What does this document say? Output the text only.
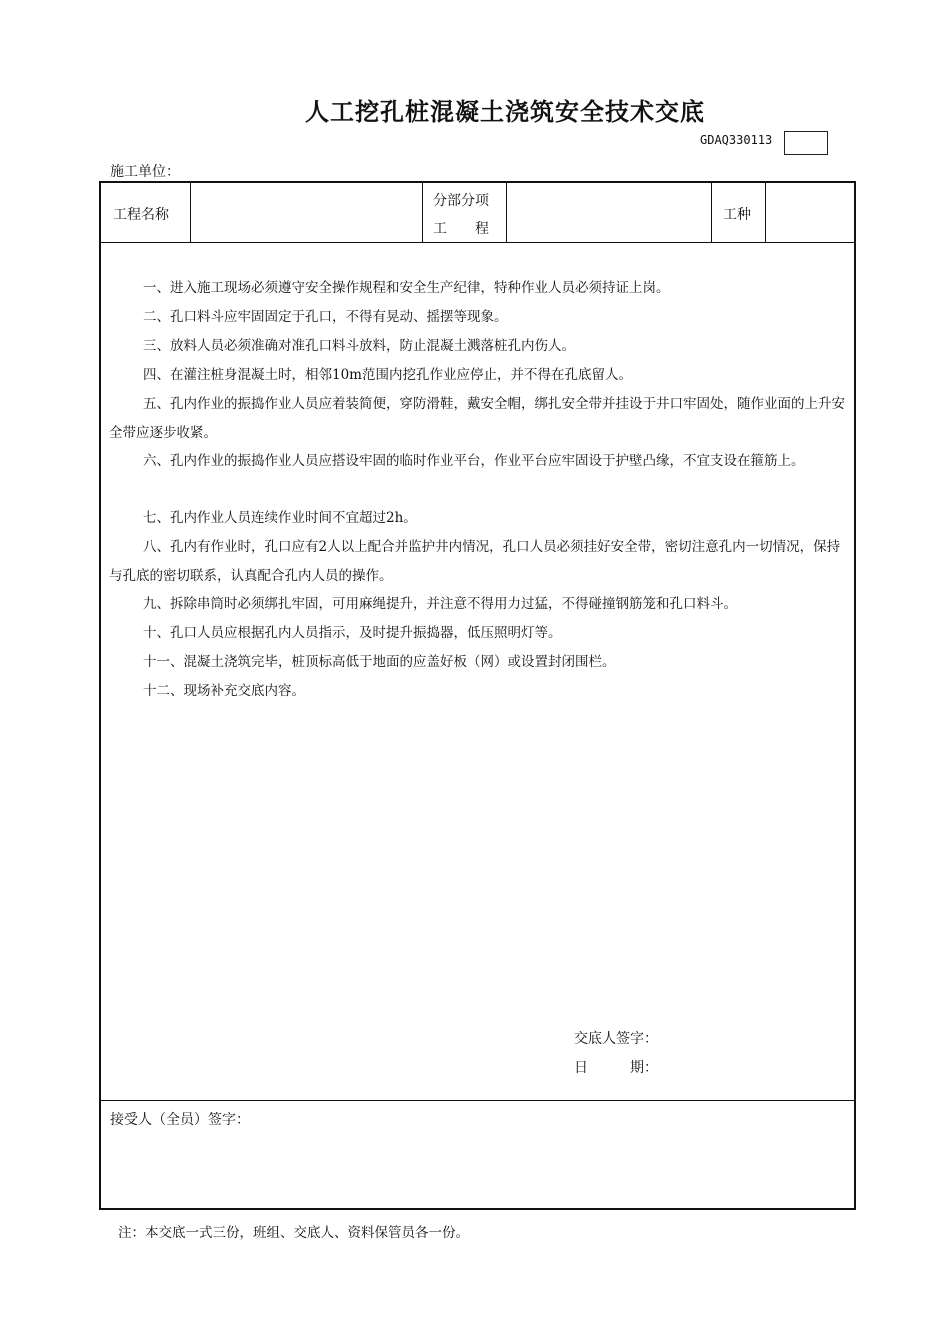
人工挖孔桩混凝土浇筑安全技术交底
GDAQ330113
施工单位：
工程名称
分部分项
工　　程
工种
一、进入施工现场必须遵守安全操作规程和安全生产纪律，特种作业人员必须持证上岗。
二、孔口料斗应牢固固定于孔口，不得有晃动、摇摆等现象。
三、放料人员必须准确对准孔口料斗放料，防止混凝土溅落桩孔内伤人。
四、在灌注桩身混凝土时，相邻10m范围内挖孔作业应停止，并不得在孔底留人。
五、孔内作业的振捣作业人员应着装简便，穿防滑鞋，戴安全帽，绑扎安全带并挂设于井口牢固处，随作业面的上升安全带应逐步收紧。
六、孔内作业的振捣作业人员应搭设牢固的临时作业平台，作业平台应牢固设于护壁凸缘，不宜支设在箍筋上。
七、孔内作业人员连续作业时间不宜超过2h。
八、孔内有作业时，孔口应有2人以上配合并监护井内情况，孔口人员必须挂好安全带，密切注意孔内一切情况，保持与孔底的密切联系，认真配合孔内人员的操作。
九、拆除串筒时必须绑扎牢固，可用麻绳提升，并注意不得用力过猛，不得碰撞钢筋笼和孔口料斗。
十、孔口人员应根据孔内人员指示，及时提升振捣器，低压照明灯等。
十一、混凝土浇筑完毕，桩顶标高低于地面的应盖好板（网）或设置封闭围栏。
十二、现场补充交底内容。
交底人签字：
日　　　期：
接受人（全员）签字：
注：本交底一式三份，班组、交底人、资料保管员各一份。
